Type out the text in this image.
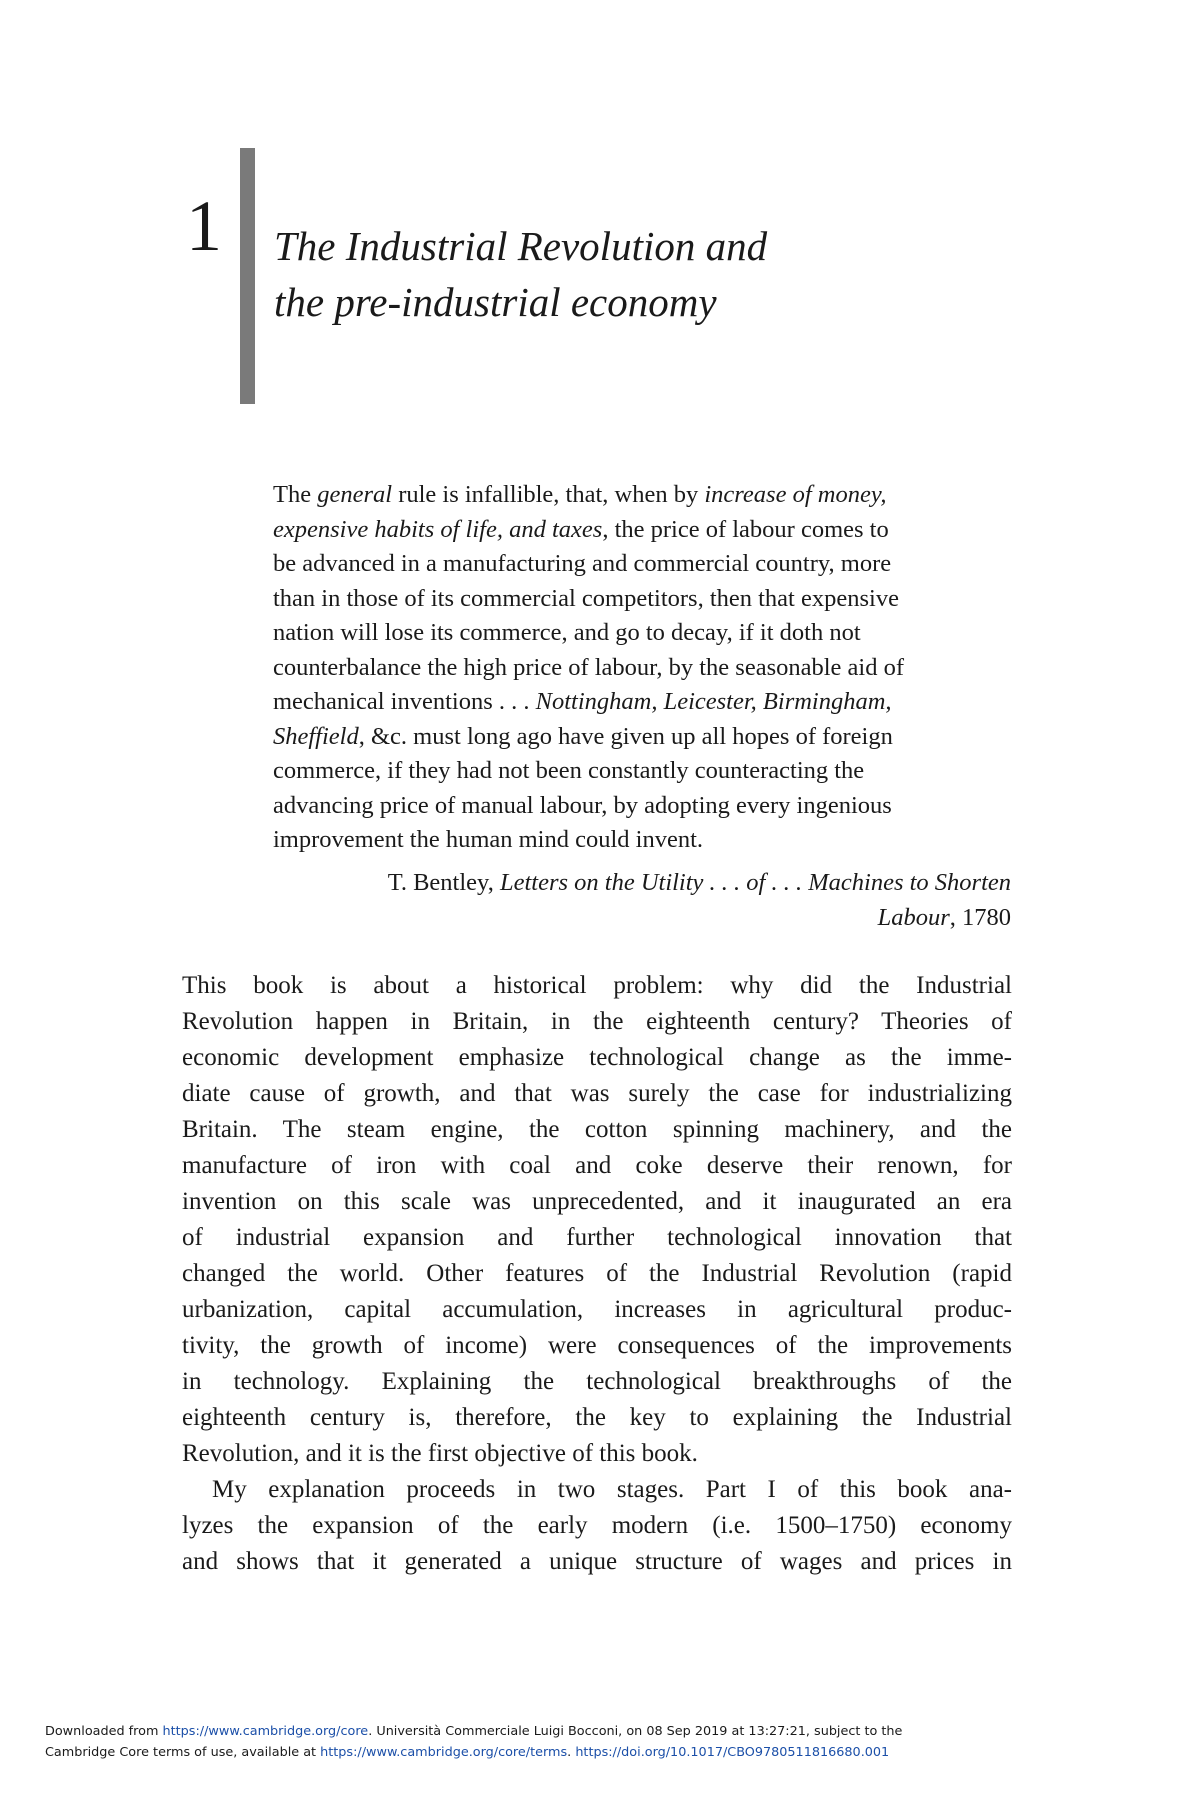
1 The Industrial Revolution and
the pre-industrial economy
The general rule is infallible, that, when by increase of money,
expensive habits of life, and taxes, the price of labour comes to
be advanced in a manufacturing and commercial country, more
than in those of its commercial competitors, then that expensive
nation will lose its commerce, and go to decay, if it doth not
counterbalance the high price of labour, by the seasonable aid of
mechanical inventions . . . Nottingham, Leicester, Birmingham,
Sheffield, &c. must long ago have given up all hopes of foreign
commerce, if they had not been constantly counteracting the
advancing price of manual labour, by adopting every ingenious
improvement the human mind could invent.
T. Bentley, Letters on the Utility . . . of . . . Machines to Shorten
Labour, 1780
This book is about a historical problem: why did the Industrial
Revolution happen in Britain, in the eighteenth century? Theories of
economic development emphasize technological change as the imme-
diate cause of growth, and that was surely the case for industrializing
Britain. The steam engine, the cotton spinning machinery, and the
manufacture of iron with coal and coke deserve their renown, for
invention on this scale was unprecedented, and it inaugurated an era
of industrial expansion and further technological innovation that
changed the world. Other features of the Industrial Revolution (rapid
urbanization, capital accumulation, increases in agricultural produc-
tivity, the growth of income) were consequences of the improvements
in technology. Explaining the technological breakthroughs of the
eighteenth century is, therefore, the key to explaining the Industrial
Revolution, and it is the first objective of this book.
My explanation proceeds in two stages. Part I of this book ana-
lyzes the expansion of the early modern (i.e. 1500–1750) economy
and shows that it generated a unique structure of wages and prices in
Downloaded from https://www.cambridge.org/core. Università Commerciale Luigi Bocconi, on 08 Sep 2019 at 13:27:21, subject to the
Cambridge Core terms of use, available at https://www.cambridge.org/core/terms. https://doi.org/10.1017/CBO9780511816680.001
